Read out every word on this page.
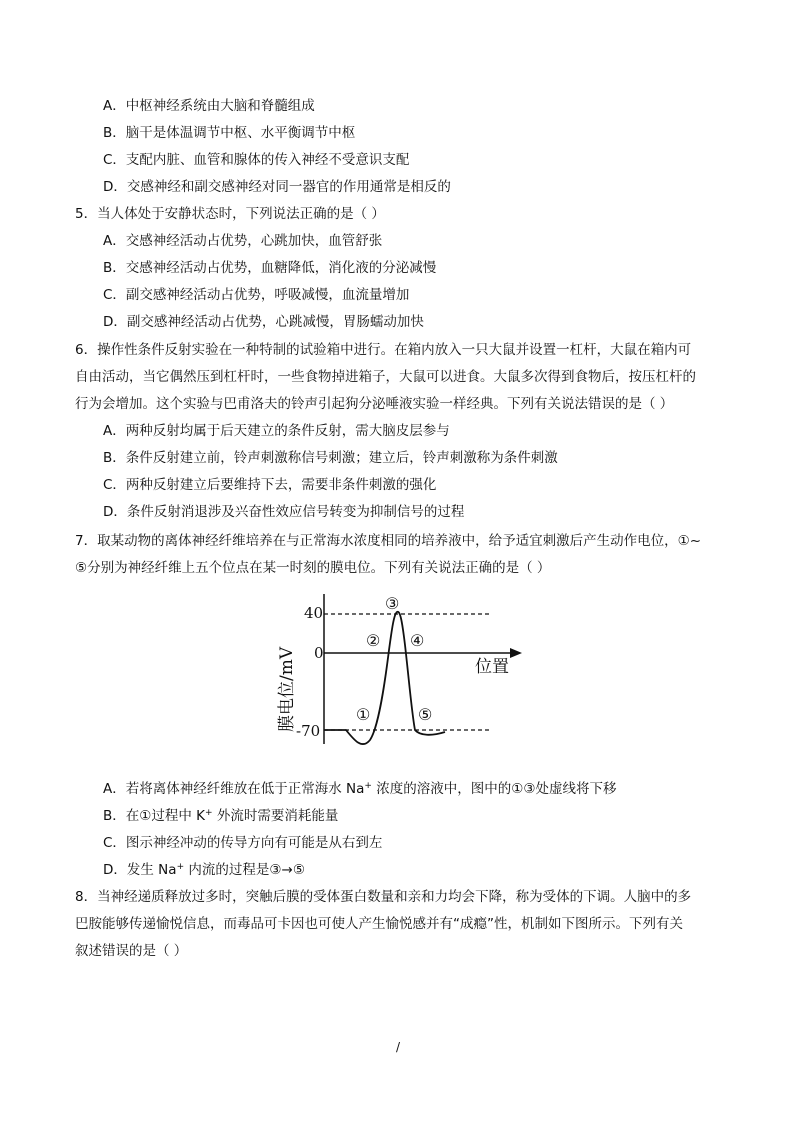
A．中枢神经系统由大脑和脊髓组成
B．脑干是体温调节中枢、水平衡调节中枢
C．支配内脏、血管和腺体的传入神经不受意识支配
D．交感神经和副交感神经对同一器官的作用通常是相反的
5．当人体处于安静状态时，下列说法正确的是（ ）
A．交感神经活动占优势，心跳加快，血管舒张
B．交感神经活动占优势，血糖降低，消化液的分泌减慢
C．副交感神经活动占优势，呼吸减慢，血流量增加
D．副交感神经活动占优势，心跳减慢，胃肠蠕动加快
6．操作性条件反射实验在一种特制的试验箱中进行。在箱内放入一只大鼠并设置一杠杆，大鼠在箱内可
自由活动，当它偶然压到杠杆时，一些食物掉进箱子，大鼠可以进食。大鼠多次得到食物后，按压杠杆的
行为会增加。这个实验与巴甫洛夫的铃声引起狗分泌唾液实验一样经典。下列有关说法错误的是（ ）
A．两种反射均属于后天建立的条件反射，需大脑皮层参与
B．条件反射建立前，铃声刺激称信号刺激；建立后，铃声刺激称为条件刺激
C．两种反射建立后要维持下去，需要非条件刺激的强化
D．条件反射消退涉及兴奋性效应信号转变为抑制信号的过程
7．取某动物的离体神经纤维培养在与正常海水浓度相同的培养液中，给予适宜刺激后产生动作电位，①~
⑤分别为神经纤维上五个位点在某一时刻的膜电位。下列有关说法正确的是（ ）
40
0
-70
位置
膜电位/mV	①
②
③
④
⑤
A．若将离体神经纤维放在低于正常海水 Na+ 浓度的溶液中，图中的①③处虚线将下移
B．在①过程中 K+ 外流时需要消耗能量
C．图示神经冲动的传导方向有可能是从右到左
D．发生 Na+ 内流的过程是③→⑤
8．当神经递质释放过多时，突触后膜的受体蛋白数量和亲和力均会下降，称为受体的下调。人脑中的多
巴胺能够传递愉悦信息，而毒品可卡因也可使人产生愉悦感并有“成瘾”性，机制如下图所示。下列有关
叙述错误的是（ ）
/
